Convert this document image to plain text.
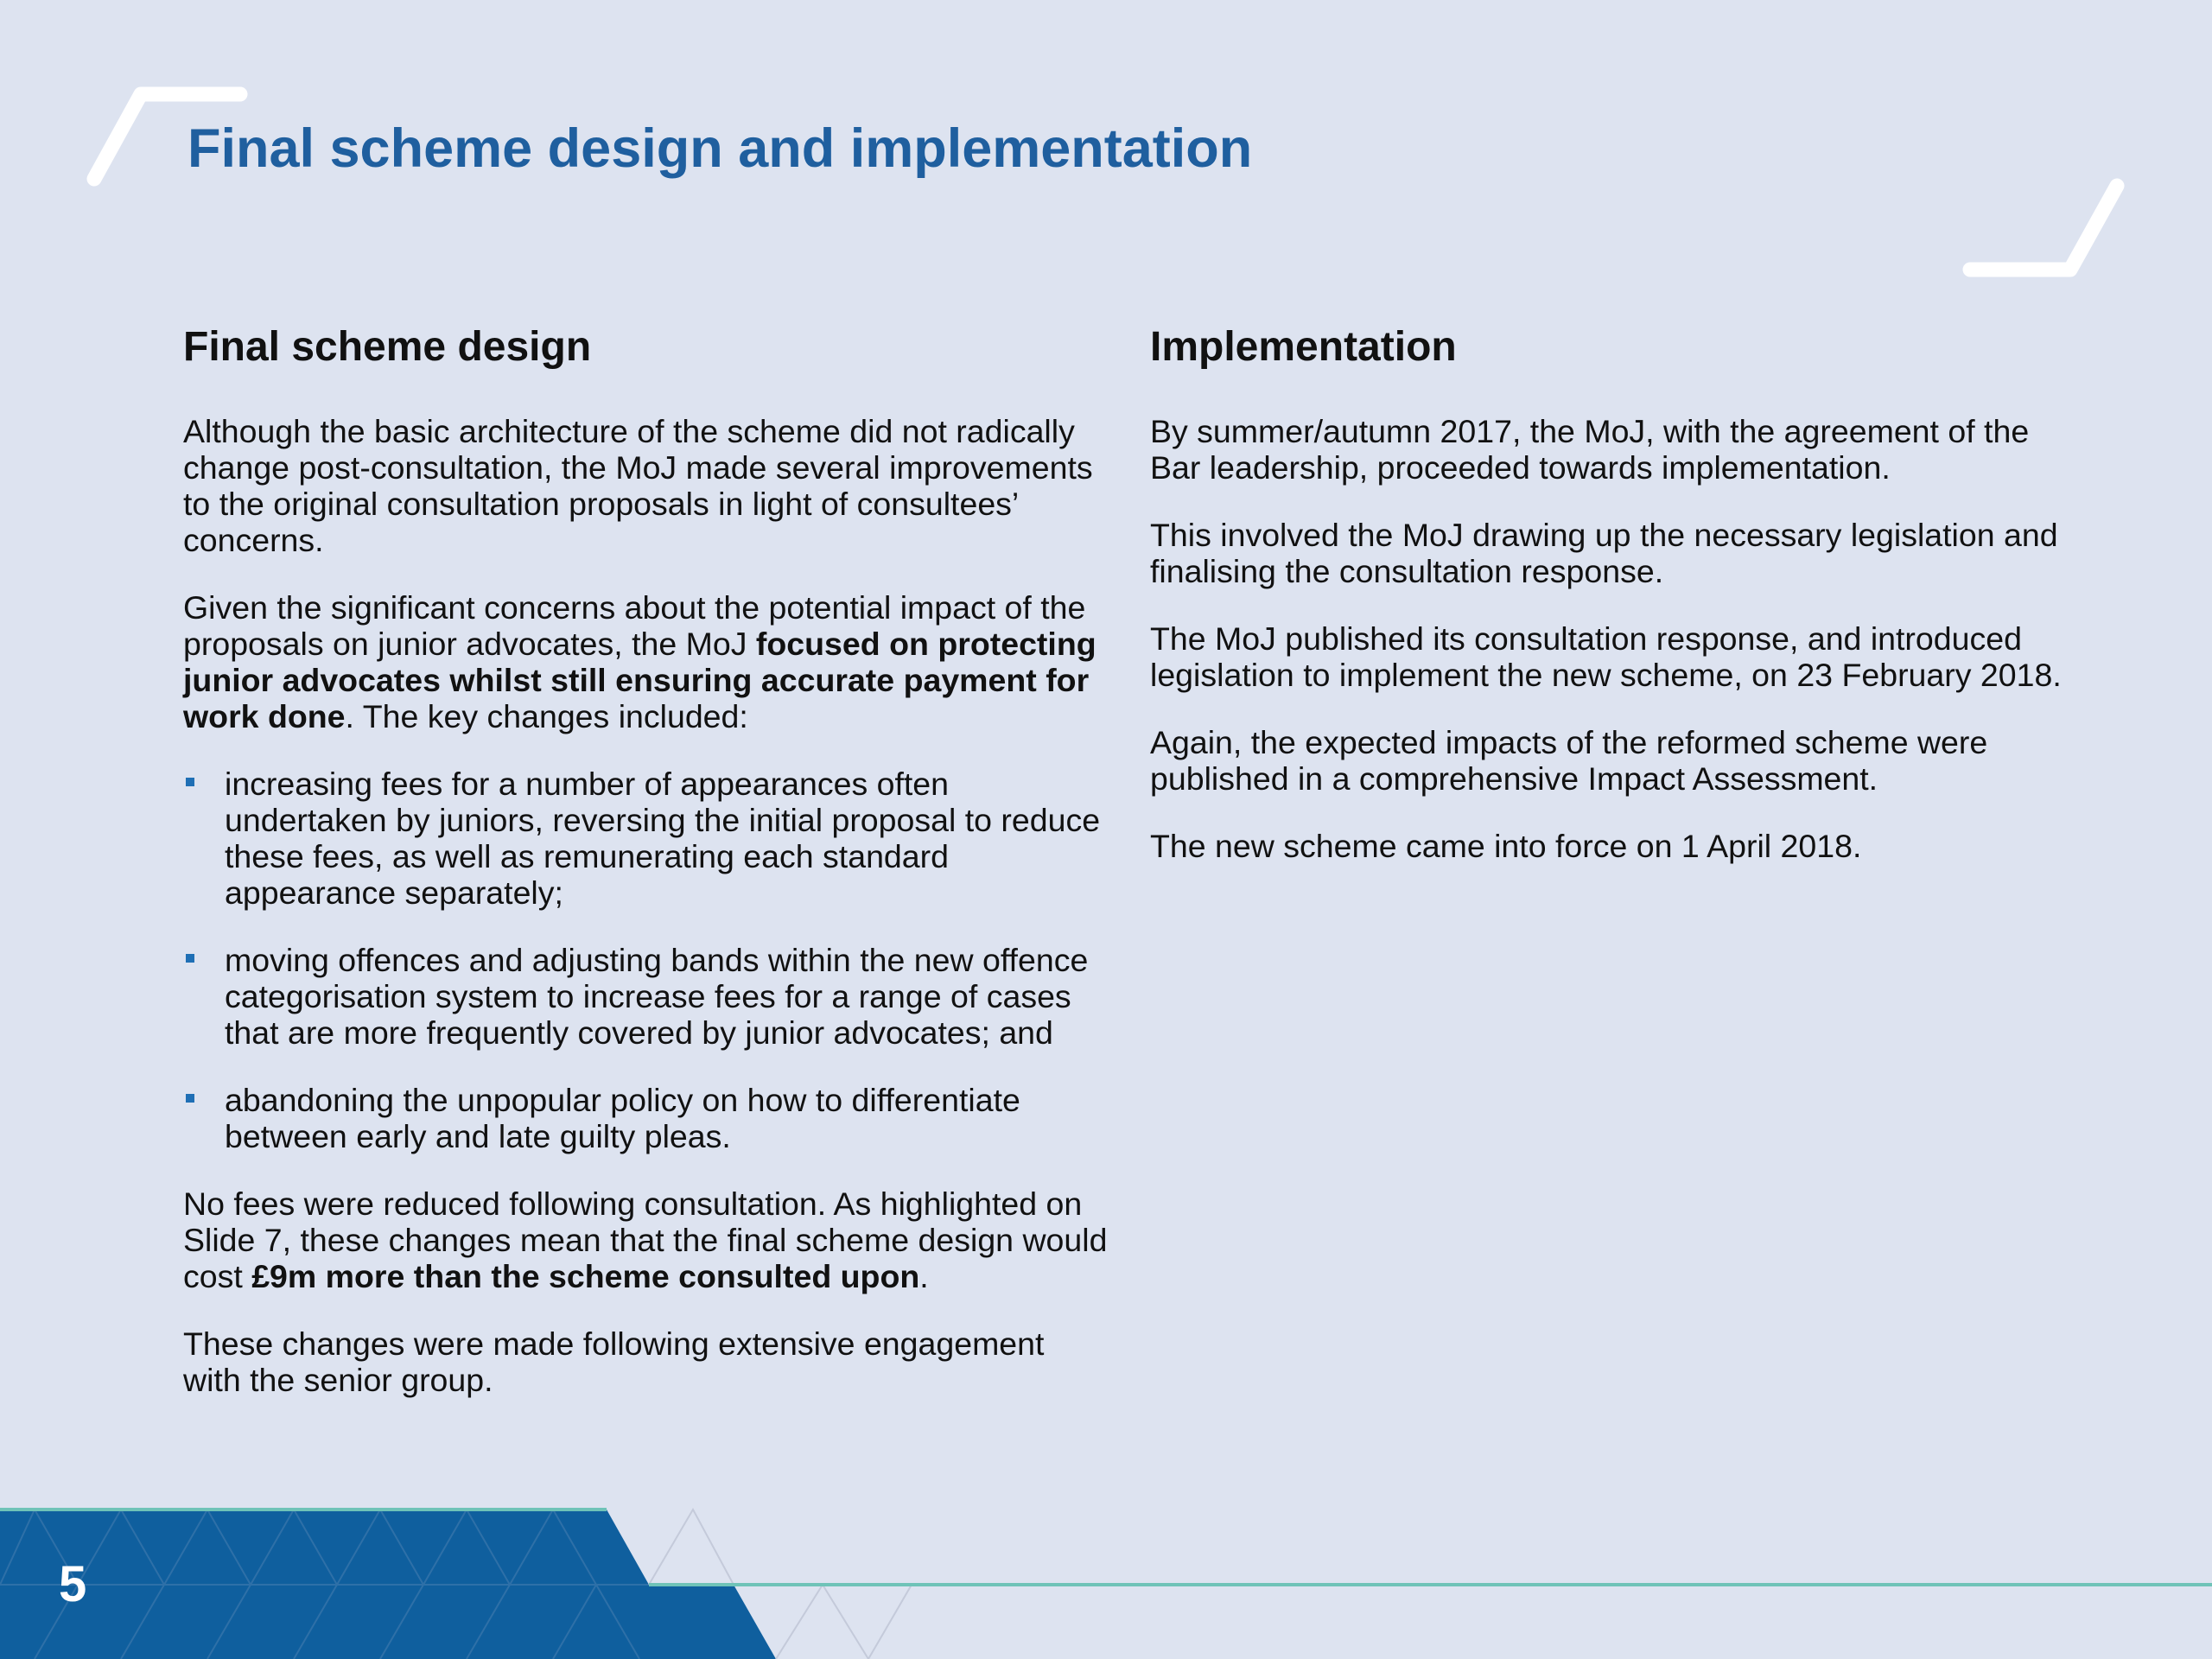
Final scheme design and implementation
Final scheme design

Although the basic architecture of the scheme did not radically change post-consultation, the MoJ made several improvements to the original consultation proposals in light of consultees’ concerns.

Given the significant concerns about the potential impact of the proposals on junior advocates, the MoJ focused on protecting junior advocates whilst still ensuring accurate payment for work done. The key changes included:

increasing fees for a number of appearances often undertaken by juniors, reversing the initial proposal to reduce these fees, as well as remunerating each standard appearance separately;
moving offences and adjusting bands within the new offence categorisation system to increase fees for a range of cases that are more frequently covered by junior advocates; and
abandoning the unpopular policy on how to differentiate between early and late guilty pleas.

No fees were reduced following consultation. As highlighted on Slide 7, these changes mean that the final scheme design would cost £9m more than the scheme consulted upon.

These changes were made following extensive engagement with the senior group.

Implementation

By summer/autumn 2017, the MoJ, with the agreement of the Bar leadership, proceeded towards implementation.

This involved the MoJ drawing up the necessary legislation and finalising the consultation response.

The MoJ published its consultation response, and introduced legislation to implement the new scheme, on 23 February 2018.

Again, the expected impacts of the reformed scheme were published in a comprehensive Impact Assessment.

The new scheme came into force on 1 April 2018.

5
